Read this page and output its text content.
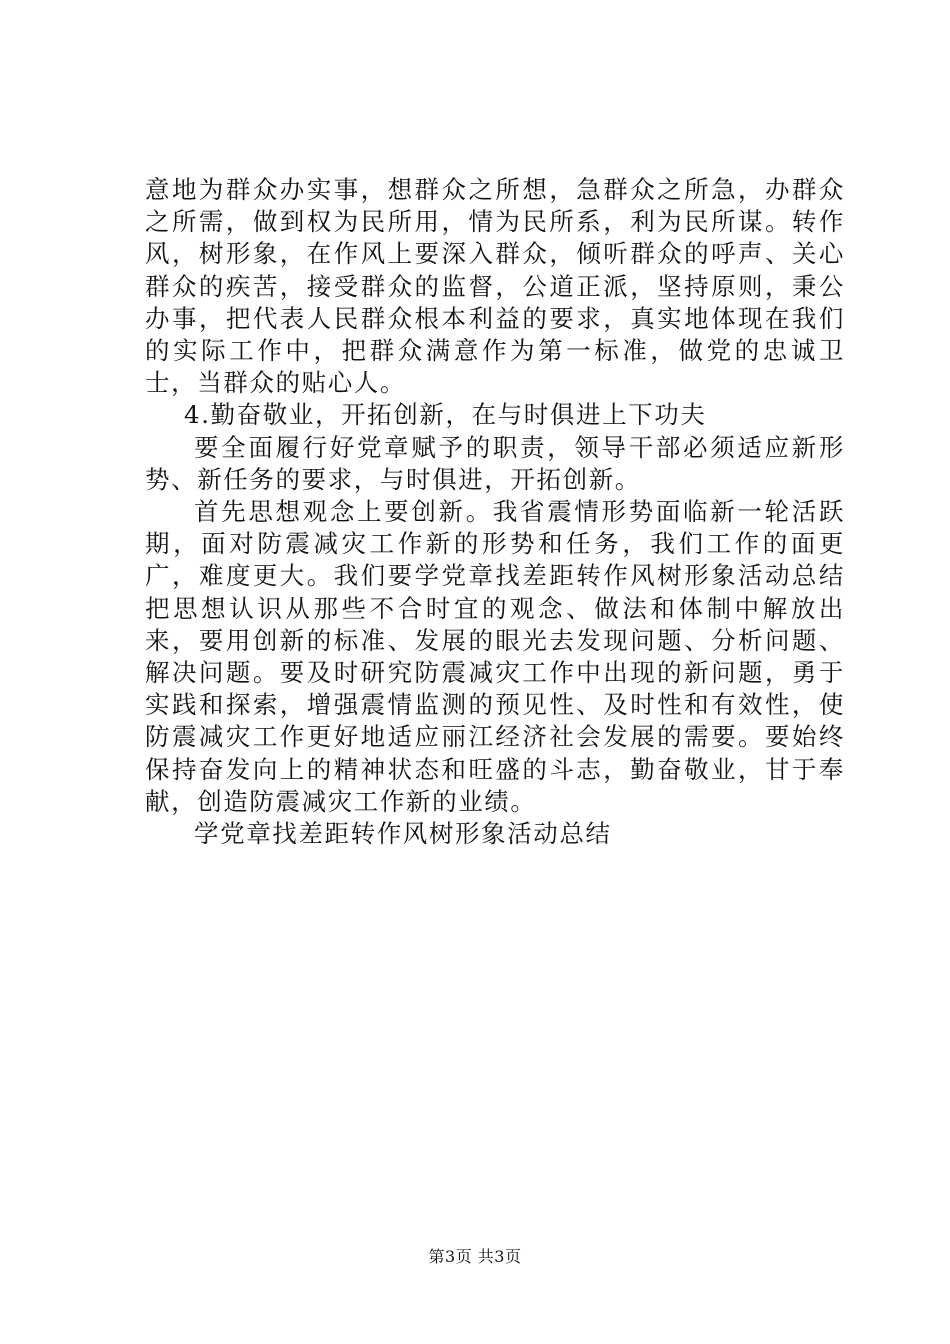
意地为群众办实事，想群众之所想，急群众之所急，办群众之所需，做到权为民所用，情为民所系，利为民所谋。转作风，树形象，在作风上要深入群众，倾听群众的呼声、关心群众的疾苦，接受群众的监督，公道正派，坚持原则，秉公办事，把代表人民群众根本利益的要求，真实地体现在我们的实际工作中，把群众满意作为第一标准，做党的忠诚卫士，当群众的贴心人。

4.勤奋敬业，开拓创新，在与时俱进上下功夫

要全面履行好党章赋予的职责，领导干部必须适应新形势、新任务的要求，与时俱进，开拓创新。

首先思想观念上要创新。我省震情形势面临新一轮活跃期，面对防震减灾工作新的形势和任务，我们工作的面更广，难度更大。我们要学党章找差距转作风树形象活动总结把思想认识从那些不合时宜的观念、做法和体制中解放出来，要用创新的标准、发展的眼光去发现问题、分析问题、解决问题。要及时研究防震减灾工作中出现的新问题，勇于实践和探索，增强震情监测的预见性、及时性和有效性，使防震减灾工作更好地适应丽江经济社会发展的需要。要始终保持奋发向上的精神状态和旺盛的斗志，勤奋敬业，甘于奉献，创造防震减灾工作新的业绩。

学党章找差距转作风树形象活动总结

第3页 共3页
